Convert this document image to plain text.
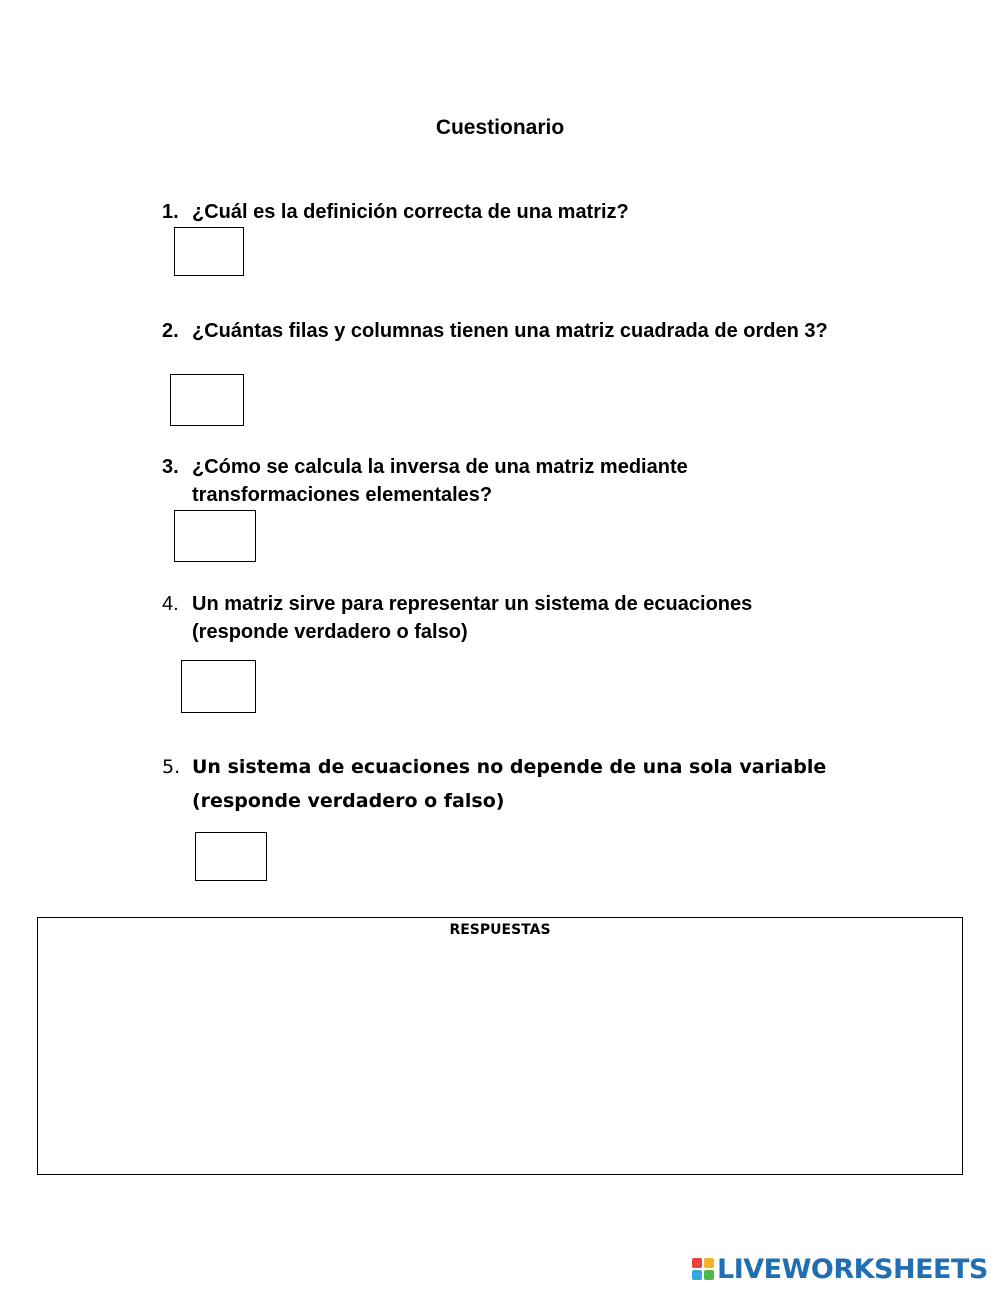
Cuestionario
1. ¿Cuál es la definición correcta de una matriz?
2. ¿Cuántas filas y columnas tienen una matriz cuadrada de orden 3?
3. ¿Cómo se calcula la inversa de una matriz mediante transformaciones elementales?
4. Un matriz sirve para representar un sistema de ecuaciones (responde verdadero o falso)
5. Un sistema de ecuaciones no depende de una sola variable (responde verdadero o falso)
RESPUESTAS
LIVEWORKSHEETS
